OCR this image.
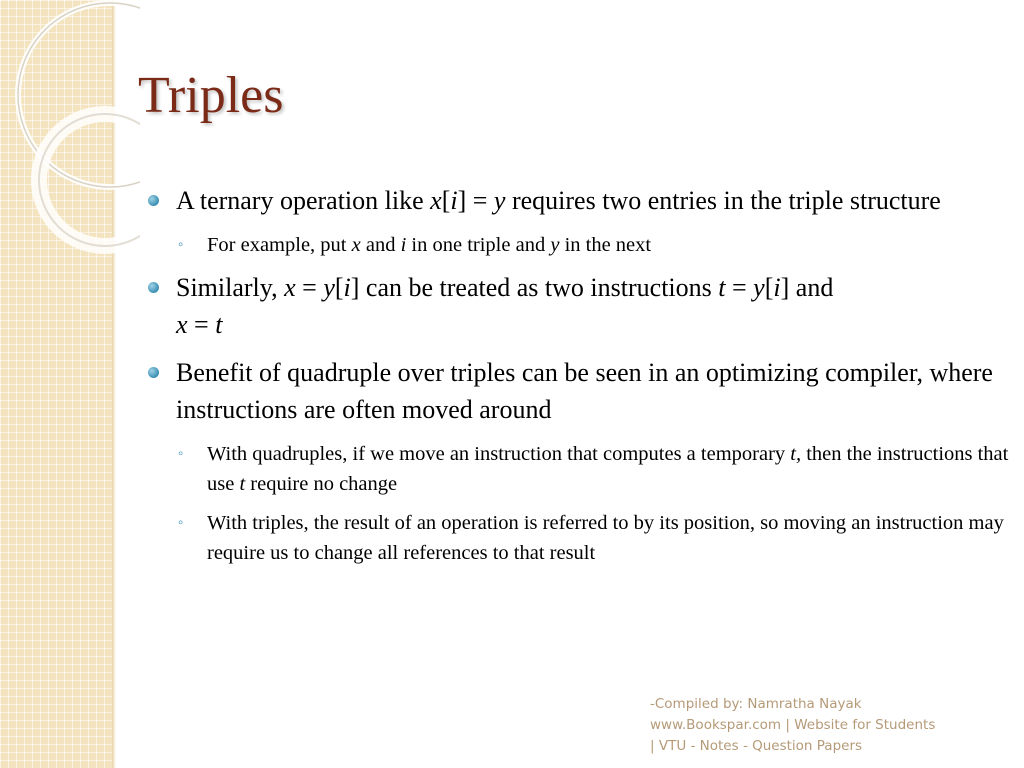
Triples
A ternary operation like x[i] = y requires two entries in the triple structure
◦ For example, put x and i in one triple and y in the next
Similarly, x = y[i] can be treated as two instructions t = y[i] and
x = t
Benefit of quadruple over triples can be seen in an optimizing compiler, where instructions are often moved around
◦ With quadruples, if we move an instruction that computes a temporary t, then the instructions that use t require no change
◦ With triples, the result of an operation is referred to by its position, so moving an instruction may require us to change all references to that result
-Compiled by: Namratha Nayak
www.Bookspar.com | Website for Students
| VTU - Notes - Question Papers
